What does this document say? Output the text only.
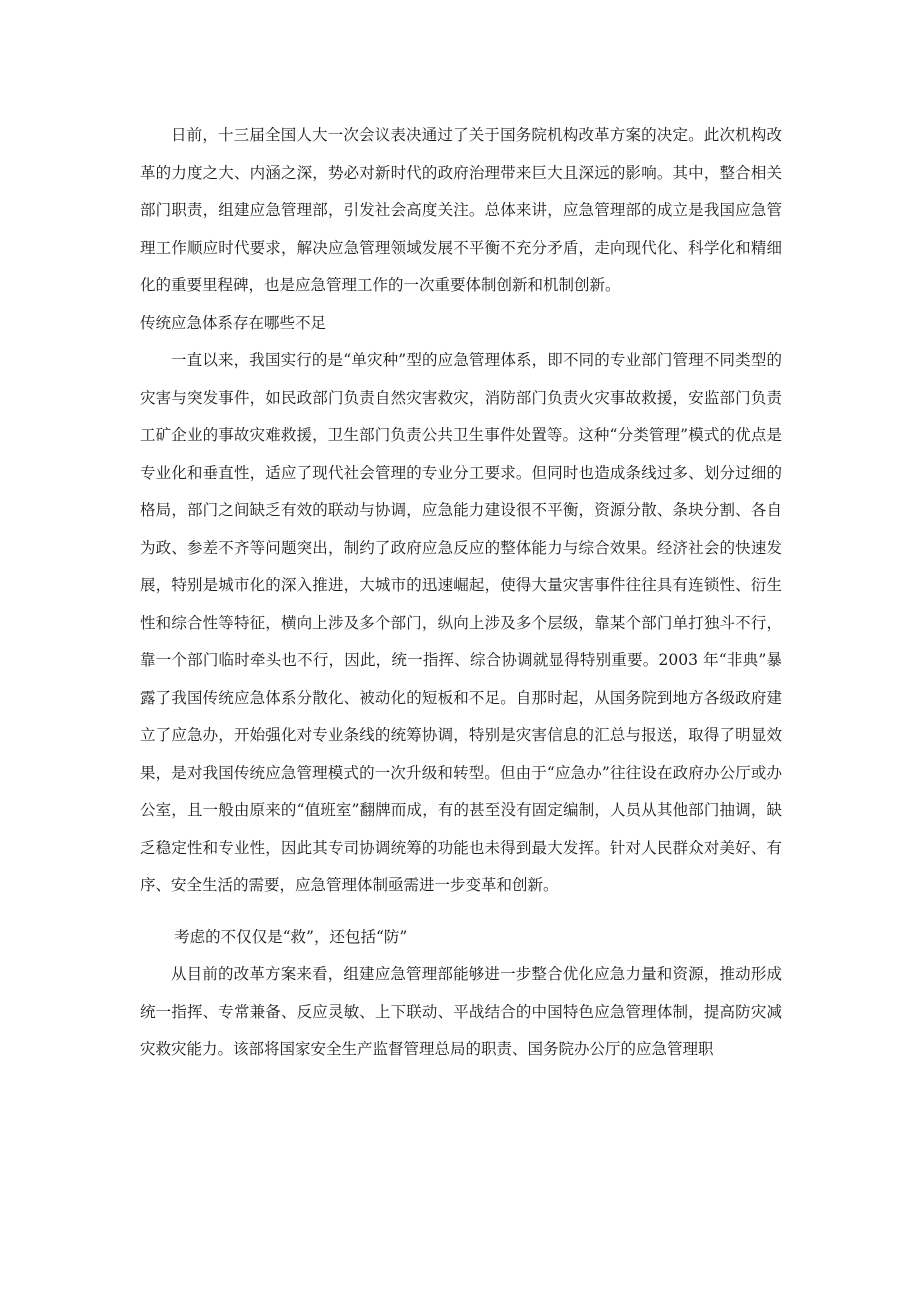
日前，十三届全国人大一次会议表决通过了关于国务院机构改革方案的决定。此次机构改革的力度之大、内涵之深，势必对新时代的政府治理带来巨大且深远的影响。其中，整合相关部门职责，组建应急管理部，引发社会高度关注。总体来讲，应急管理部的成立是我国应急管理工作顺应时代要求，解决应急管理领域发展不平衡不充分矛盾，走向现代化、科学化和精细化的重要里程碑，也是应急管理工作的一次重要体制创新和机制创新。

传统应急体系存在哪些不足

一直以来，我国实行的是“单灾种”型的应急管理体系，即不同的专业部门管理不同类型的灾害与突发事件，如民政部门负责自然灾害救灾，消防部门负责火灾事故救援，安监部门负责工矿企业的事故灾难救援，卫生部门负责公共卫生事件处置等。这种“分类管理”模式的优点是专业化和垂直性，适应了现代社会管理的专业分工要求。但同时也造成条线过多、划分过细的格局，部门之间缺乏有效的联动与协调，应急能力建设很不平衡，资源分散、条块分割、各自为政、参差不齐等问题突出，制约了政府应急反应的整体能力与综合效果。经济社会的快速发展，特别是城市化的深入推进，大城市的迅速崛起，使得大量灾害事件往往具有连锁性、衍生性和综合性等特征，横向上涉及多个部门，纵向上涉及多个层级，靠某个部门单打独斗不行，靠一个部门临时牵头也不行，因此，统一指挥、综合协调就显得特别重要。2003 年“非典”暴露了我国传统应急体系分散化、被动化的短板和不足。自那时起，从国务院到地方各级政府建立了应急办，开始强化对专业条线的统筹协调，特别是灾害信息的汇总与报送，取得了明显效果，是对我国传统应急管理模式的一次升级和转型。但由于“应急办”往往设在政府办公厅或办公室，且一般由原来的“值班室”翻牌而成，有的甚至没有固定编制，人员从其他部门抽调，缺乏稳定性和专业性，因此其专司协调统筹的功能也未得到最大发挥。针对人民群众对美好、有序、安全生活的需要，应急管理体制亟需进一步变革和创新。

考虑的不仅仅是“救”，还包括“防”

从目前的改革方案来看，组建应急管理部能够进一步整合优化应急力量和资源，推动形成统一指挥、专常兼备、反应灵敏、上下联动、平战结合的中国特色应急管理体制，提高防灾减灾救灾能力。该部将国家安全生产监督管理总局的职责、国务院办公厅的应急管理职
